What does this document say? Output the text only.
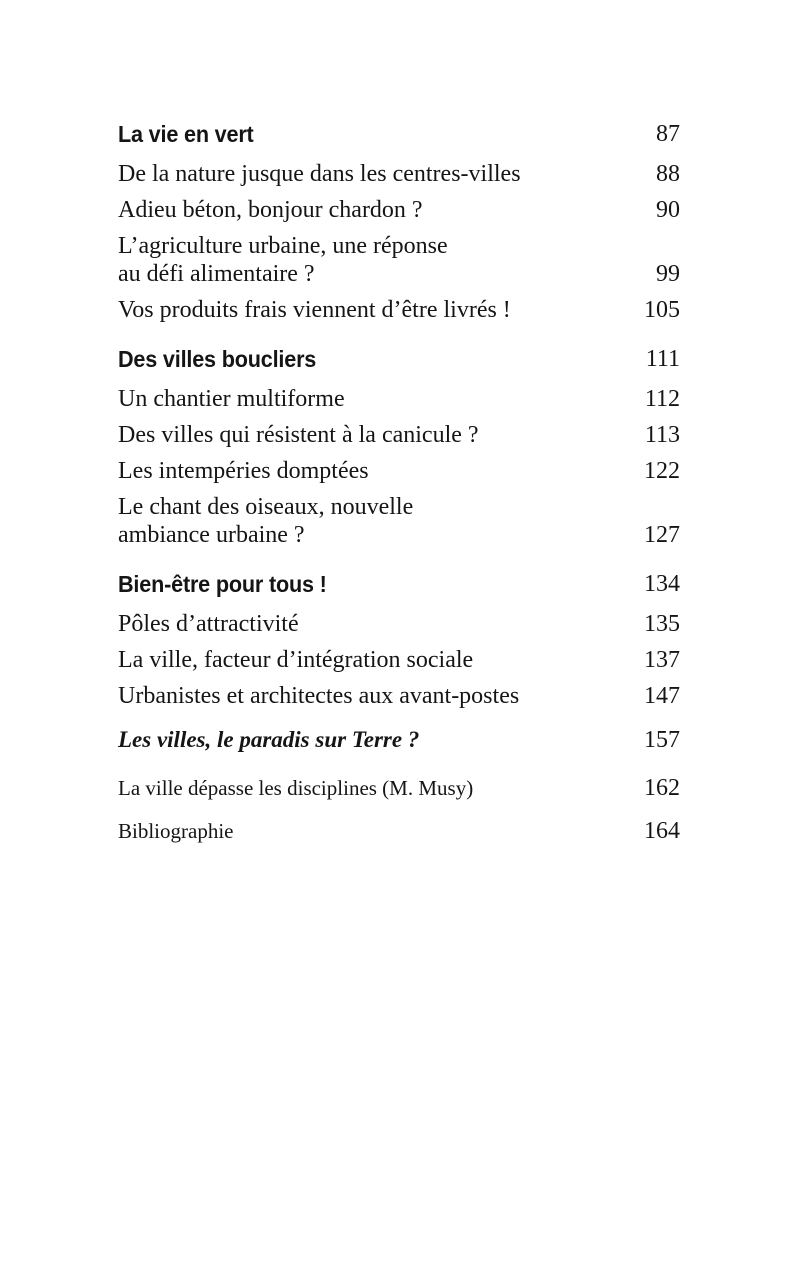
La vie en vert	87
De la nature jusque dans les centres-villes	88
Adieu béton, bonjour chardon ?	90
L’agriculture urbaine, une réponse
au défi alimentaire ?	99
Vos produits frais viennent d’être livrés !	105
Des villes boucliers	111
Un chantier multiforme	112
Des villes qui résistent à la canicule ?	113
Les intempéries domptées	122
Le chant des oiseaux, nouvelle
ambiance urbaine ?	127
Bien-être pour tous !	134
Pôles d’attractivité	135
La ville, facteur d’intégration sociale	137
Urbanistes et architectes aux avant-postes	147
Les villes, le paradis sur Terre ?	157
La ville dépasse les disciplines (M. Musy)	162
Bibliographie	164
